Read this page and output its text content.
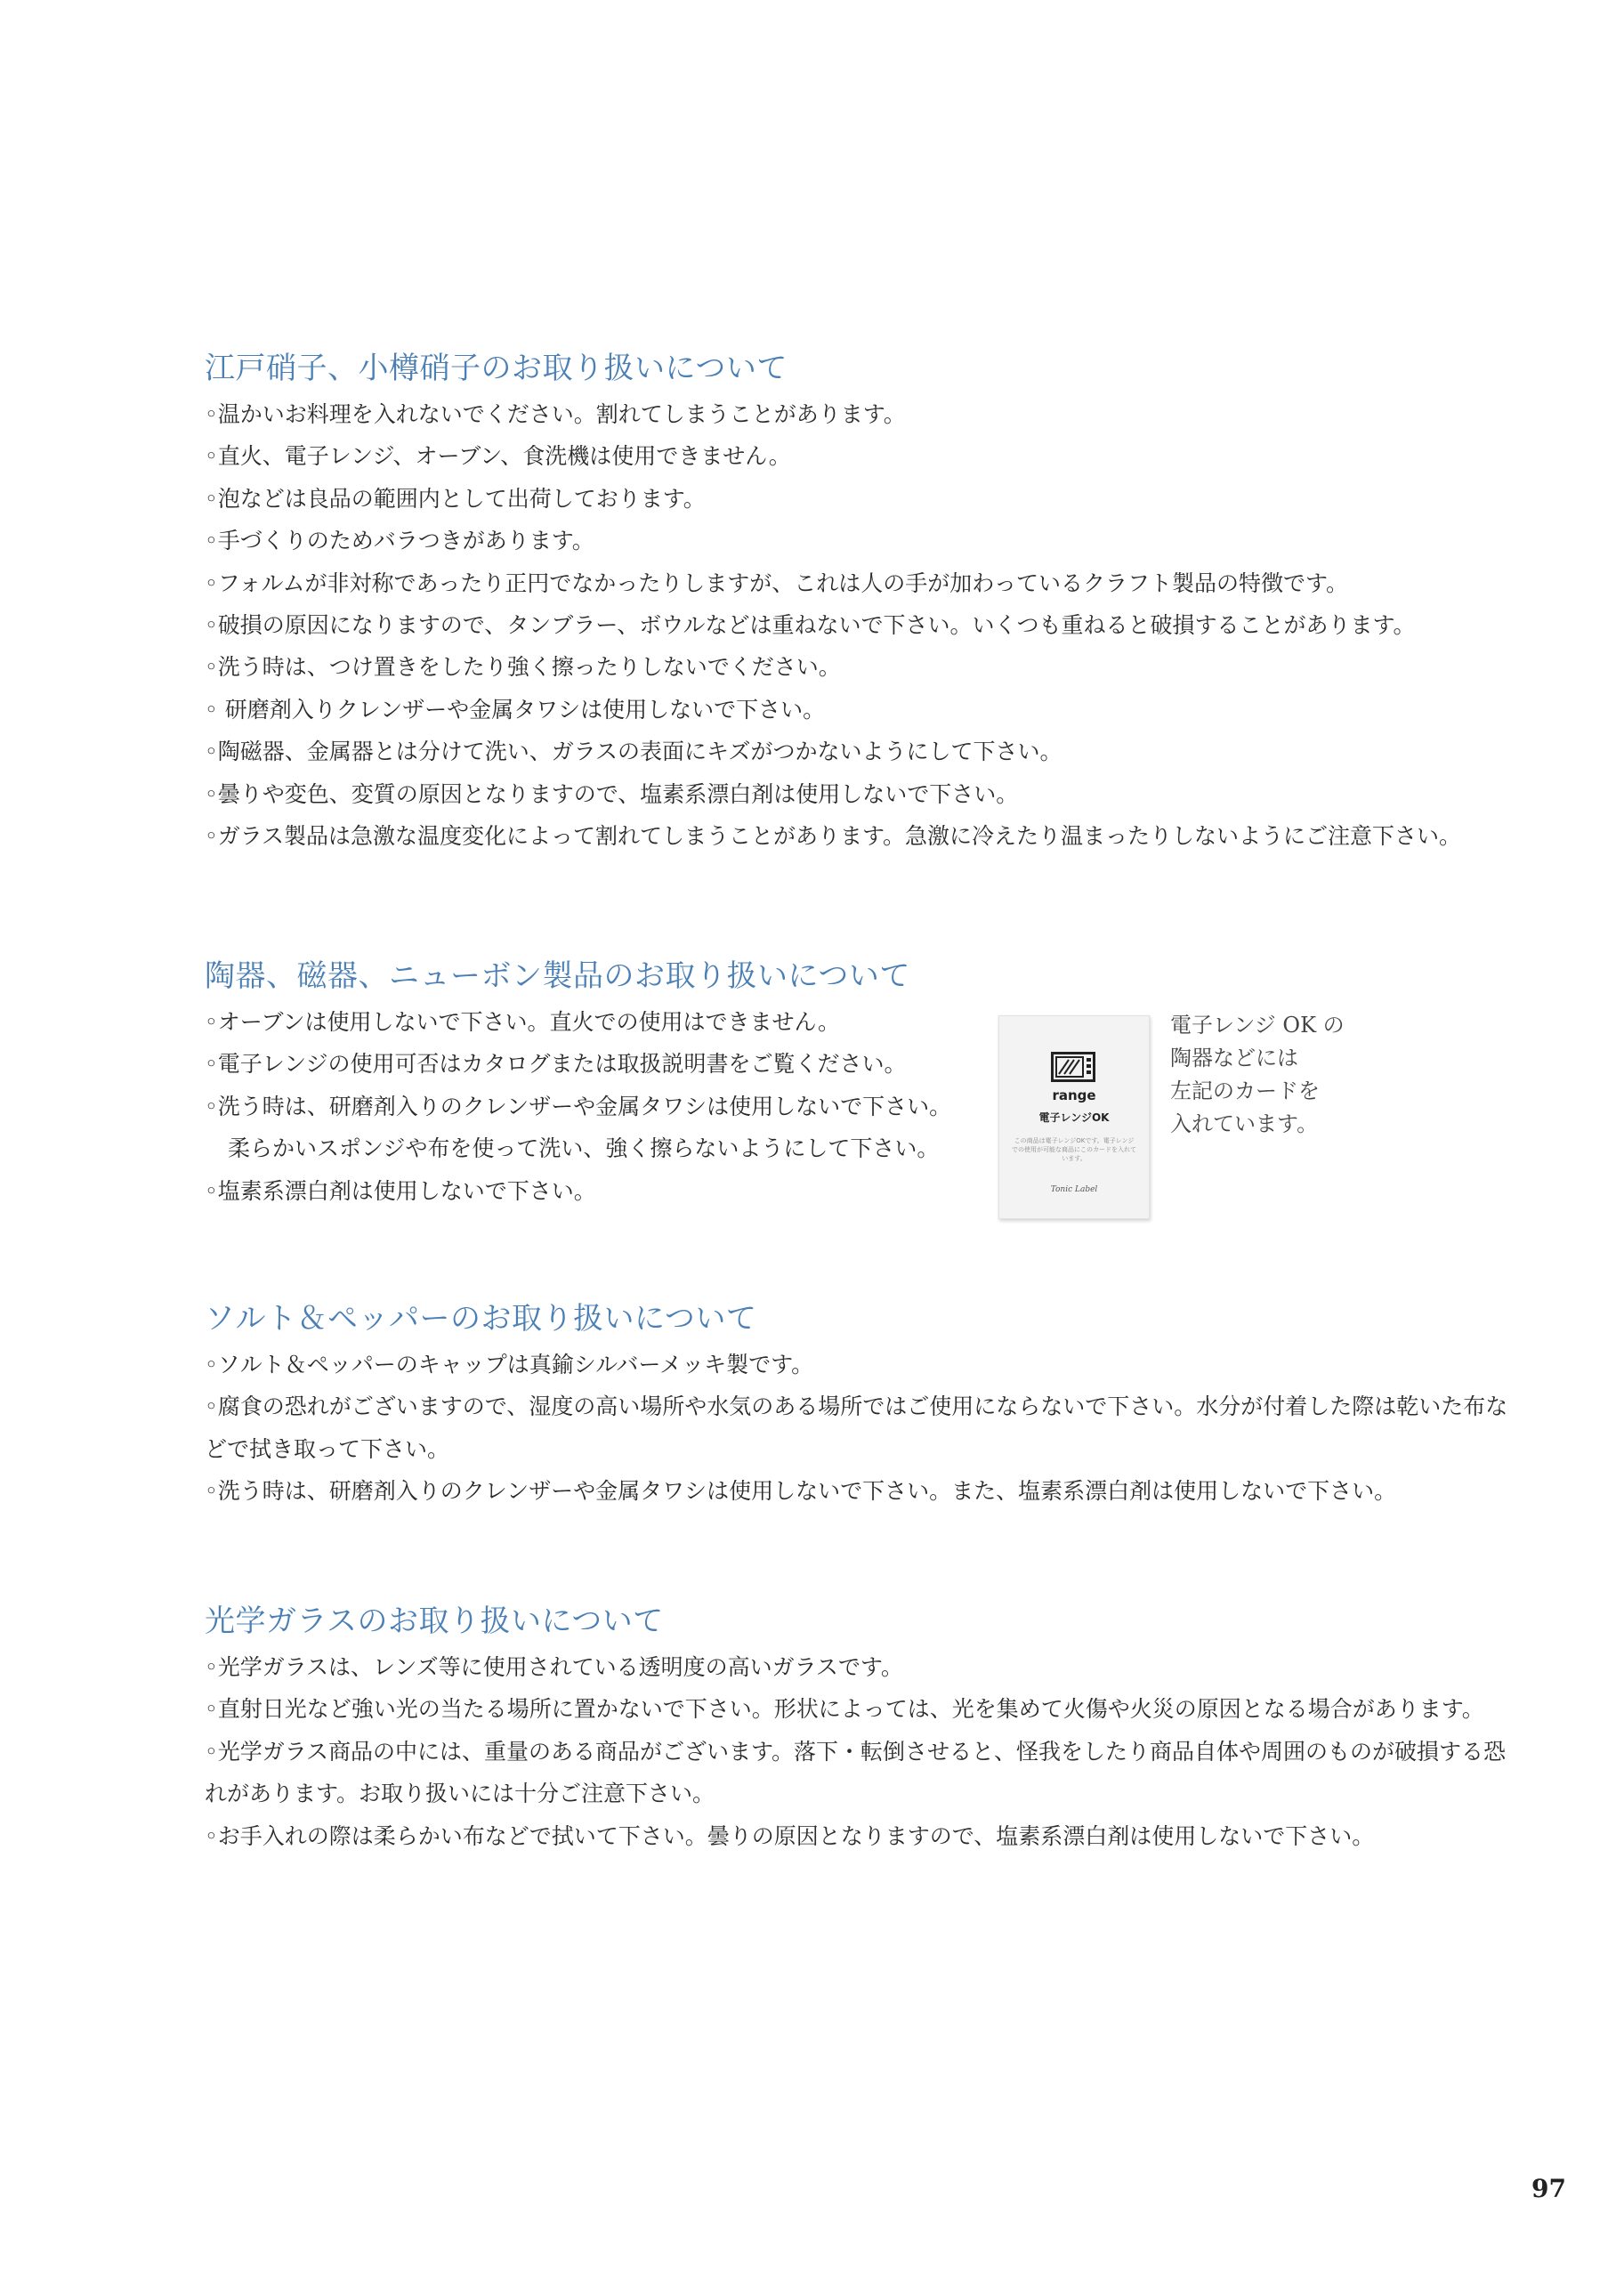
江戸硝子、小樽硝子のお取り扱いについて
◦温かいお料理を入れないでください。割れてしまうことがあります。
◦直火、電子レンジ、オーブン、食洗機は使用できません。
◦泡などは良品の範囲内として出荷しております。
◦手づくりのためバラつきがあります。
◦フォルムが非対称であったり正円でなかったりしますが、これは人の手が加わっているクラフト製品の特徴です。
◦破損の原因になりますので、タンブラー、ボウルなどは重ねないで下さい。いくつも重ねると破損することがあります。
◦洗う時は、つけ置きをしたり強く擦ったりしないでください。
◦ 研磨剤入りクレンザーや金属タワシは使用しないで下さい。
◦陶磁器、金属器とは分けて洗い、ガラスの表面にキズがつかないようにして下さい。
◦曇りや変色、変質の原因となりますので、塩素系漂白剤は使用しないで下さい。
◦ガラス製品は急激な温度変化によって割れてしまうことがあります。急激に冷えたり温まったりしないようにご注意下さい。
陶器、磁器、ニューボン製品のお取り扱いについて
◦オーブンは使用しないで下さい。直火での使用はできません。
◦電子レンジの使用可否はカタログまたは取扱説明書をご覧ください。
◦洗う時は、研磨剤入りのクレンザーや金属タワシは使用しないで下さい。
柔らかいスポンジや布を使って洗い、強く擦らないようにして下さい。
◦塩素系漂白剤は使用しないで下さい。
range
電子レンジOK
この商品は電子レンジOKです。電子レンジでの使用が可能な商品にこのカードを入れています。
Tonic Label
電子レンジ OK の
陶器などには
左記のカードを
入れています。
ソルト＆ペッパーのお取り扱いについて
◦ソルト＆ペッパーのキャップは真鍮シルバーメッキ製です。
◦腐食の恐れがございますので、湿度の高い場所や水気のある場所ではご使用にならないで下さい。水分が付着した際は乾いた布などで拭き取って下さい。
◦洗う時は、研磨剤入りのクレンザーや金属タワシは使用しないで下さい。また、塩素系漂白剤は使用しないで下さい。
光学ガラスのお取り扱いについて
◦光学ガラスは、レンズ等に使用されている透明度の高いガラスです。
◦直射日光など強い光の当たる場所に置かないで下さい。形状によっては、光を集めて火傷や火災の原因となる場合があります。
◦光学ガラス商品の中には、重量のある商品がございます。落下・転倒させると、怪我をしたり商品自体や周囲のものが破損する恐れがあります。お取り扱いには十分ご注意下さい。
◦お手入れの際は柔らかい布などで拭いて下さい。曇りの原因となりますので、塩素系漂白剤は使用しないで下さい。
97
